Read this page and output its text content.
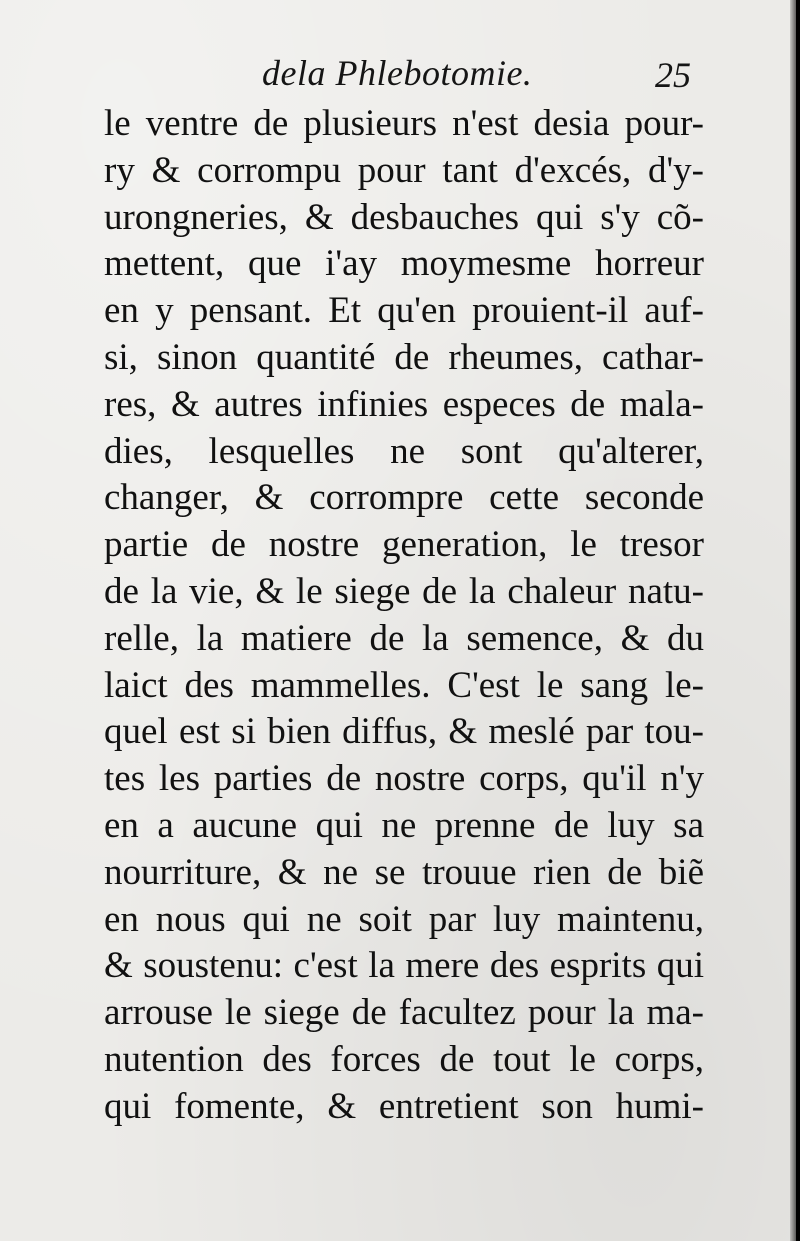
dela Phlebotomie.	25
le ventre de plusieurs n'est desia pour-
ry & corrompu pour tant d'excés, d'y-
urongneries, & desbauches qui s'y cõ-
mettent, que i'ay moymesme horreur
en y pensant. Et qu'en prouient-il auf-
si, sinon quantité de rheumes, cathar-
res, & autres infinies especes de mala-
dies, lesquelles ne sont qu'alterer,
changer, & corrompre cette seconde
partie de nostre generation, le tresor
de la vie, & le siege de la chaleur natu-
relle, la matiere de la semence, & du
laict des mammelles. C'est le sang le-
quel est si bien diffus, & meslé par tou-
tes les parties de nostre corps, qu'il n'y
en a aucune qui ne prenne de luy sa
nourriture, & ne se trouue rien de biẽ
en nous qui ne soit par luy maintenu,
& soustenu: c'est la mere des esprits qui
arrouse le siege de facultez pour la ma-
nutention des forces de tout le corps,
qui fomente, & entretient son humi-
